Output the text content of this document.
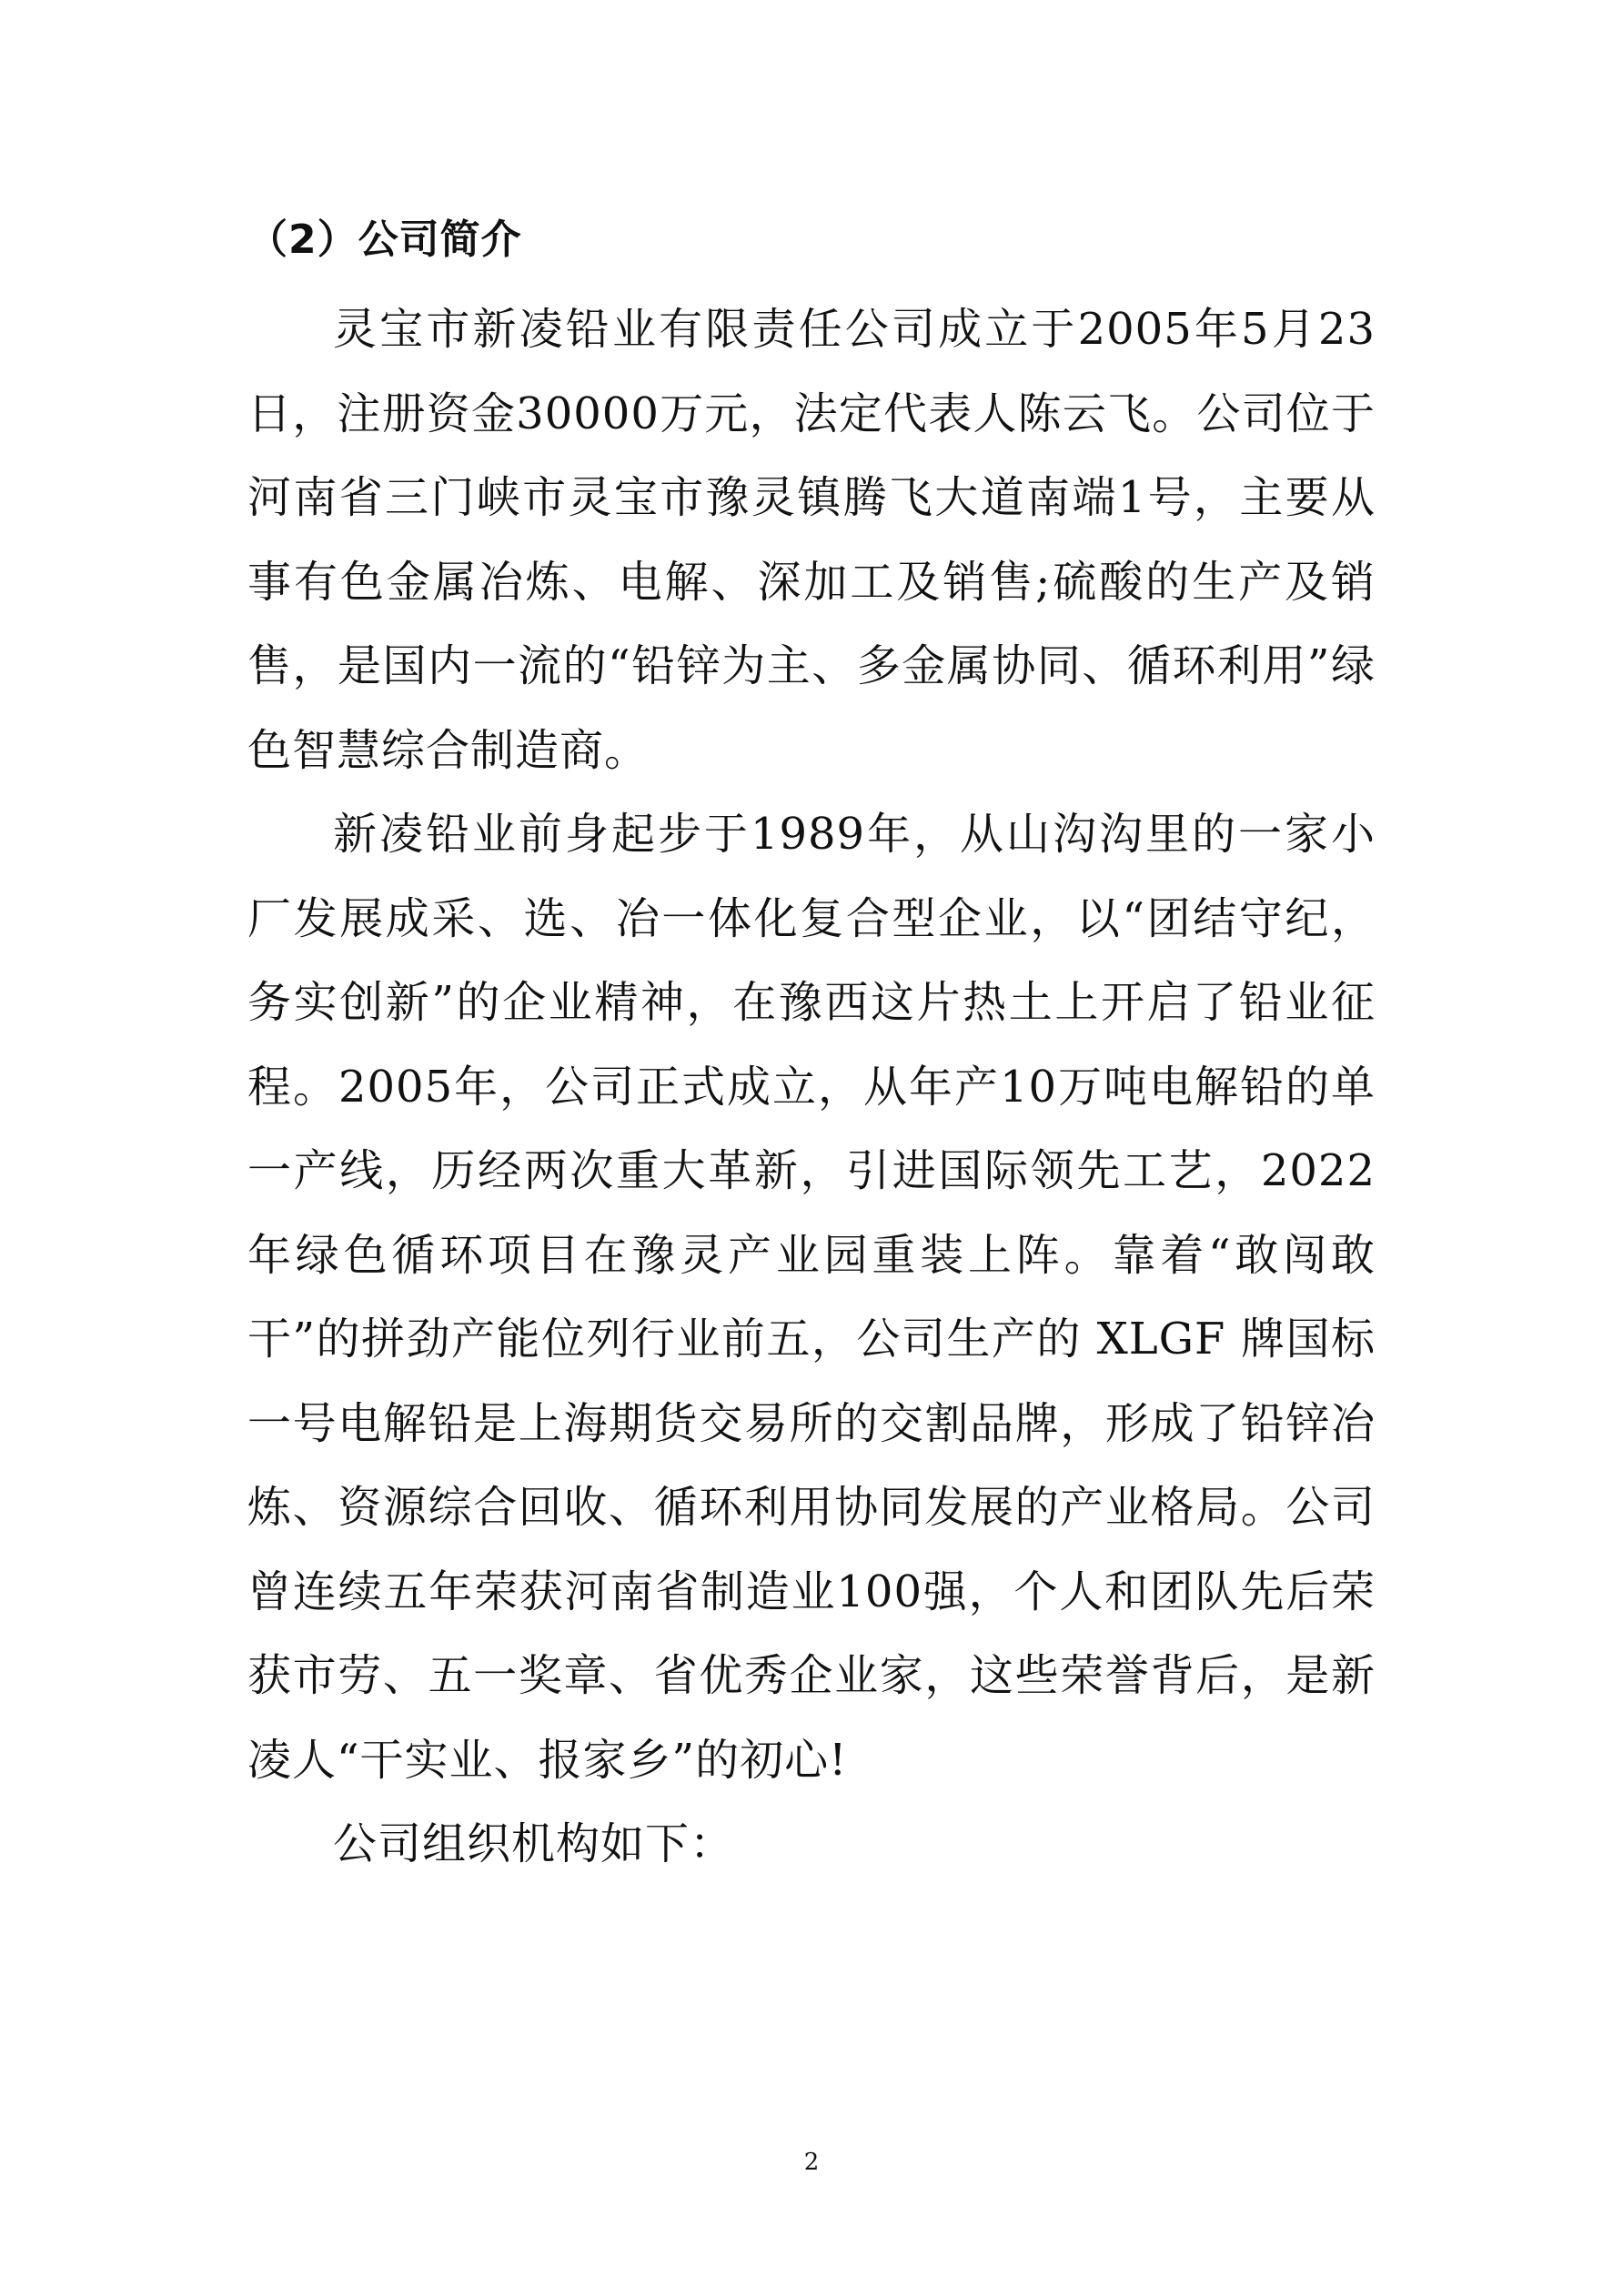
（2）公司简介

灵宝市新凌铅业有限责任公司成立于2005年5月23日，注册资金30000万元，法定代表人陈云飞。公司位于河南省三门峡市灵宝市豫灵镇腾飞大道南端1号，主要从事有色金属冶炼、电解、深加工及销售;硫酸的生产及销售，是国内一流的“铅锌为主、多金属协同、循环利用”绿色智慧综合制造商。

新凌铅业前身起步于1989年，从山沟沟里的一家小厂发展成采、选、冶一体化复合型企业，以“团结守纪，务实创新”的企业精神，在豫西这片热土上开启了铅业征程。2005年，公司正式成立，从年产10万吨电解铅的单一产线，历经两次重大革新，引进国际领先工艺，2022年绿色循环项目在豫灵产业园重装上阵。靠着“敢闯敢干”的拼劲产能位列行业前五，公司生产的 XLGF 牌国标一号电解铅是上海期货交易所的交割品牌，形成了铅锌冶炼、资源综合回收、循环利用协同发展的产业格局。公司曾连续五年荣获河南省制造业100强，个人和团队先后荣获市劳、五一奖章、省优秀企业家，这些荣誉背后，是新凌人“干实业、报家乡”的初心!

公司组织机构如下：

2
